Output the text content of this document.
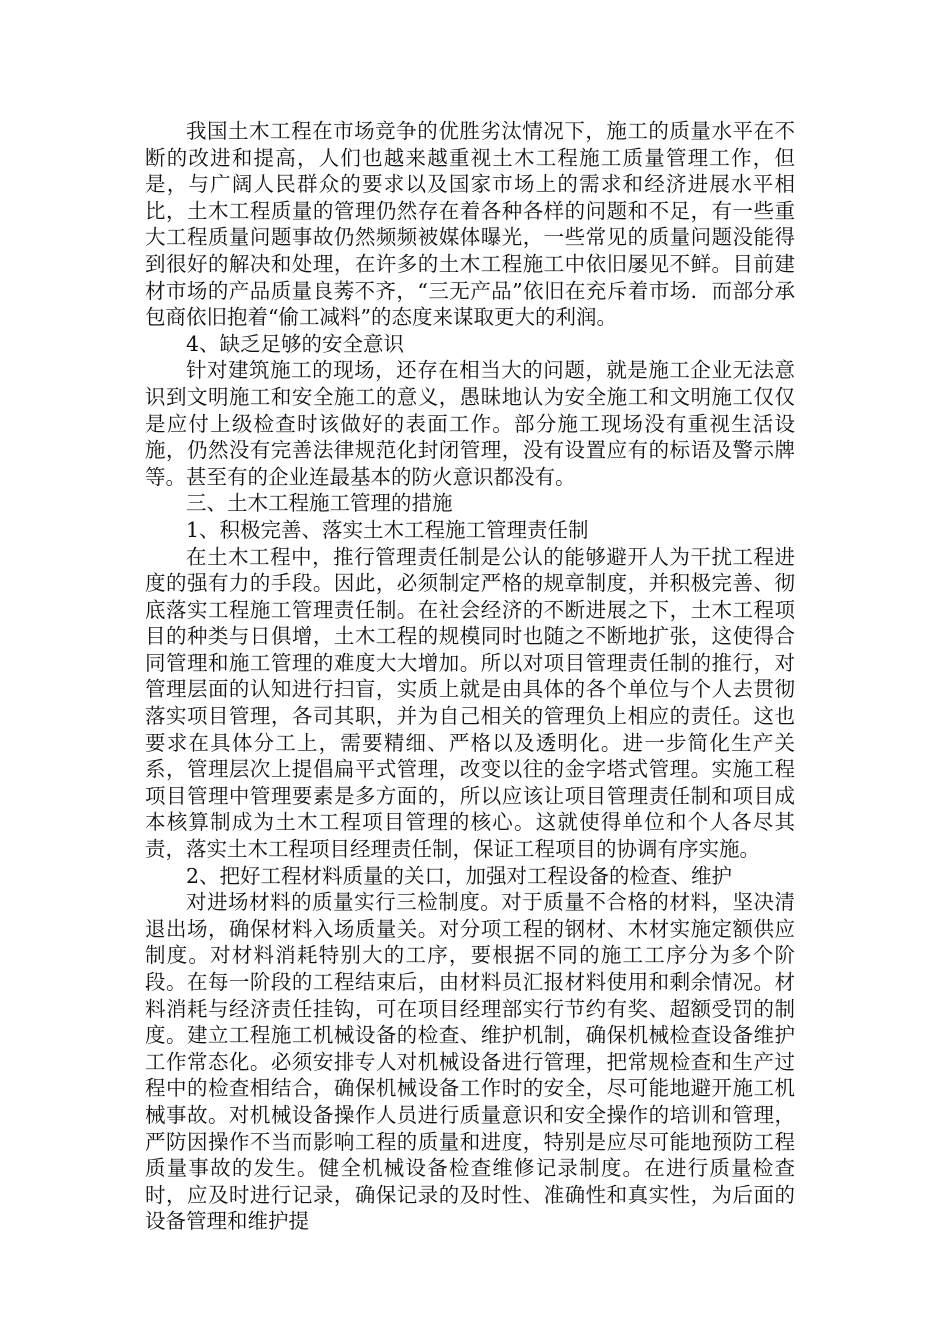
我国土木工程在市场竞争的优胜劣汰情况下，施工的质量水平在不断的改进和提高，人们也越来越重视土木工程施工质量管理工作，但是，与广阔人民群众的要求以及国家市场上的需求和经济进展水平相比，土木工程质量的管理仍然存在着各种各样的问题和不足，有一些重大工程质量问题事故仍然频频被媒体曝光，一些常见的质量问题没能得到很好的解决和处理，在许多的土木工程施工中依旧屡见不鲜。目前建材市场的产品质量良莠不齐，“三无产品”依旧在充斥着市场．而部分承包商依旧抱着“偷工减料”的态度来谋取更大的利润。

4、缺乏足够的安全意识

针对建筑施工的现场，还存在相当大的问题，就是施工企业无法意识到文明施工和安全施工的意义，愚昧地认为安全施工和文明施工仅仅是应付上级检查时该做好的表面工作。部分施工现场没有重视生活设施，仍然没有完善法律规范化封闭管理，没有设置应有的标语及警示牌等。甚至有的企业连最基本的防火意识都没有。

三、土木工程施工管理的措施

1、积极完善、落实土木工程施工管理责任制

在土木工程中，推行管理责任制是公认的能够避开人为干扰工程进度的强有力的手段。因此，必须制定严格的规章制度，并积极完善、彻底落实工程施工管理责任制。在社会经济的不断进展之下，土木工程项目的种类与日俱增，土木工程的规模同时也随之不断地扩张，这使得合同管理和施工管理的难度大大增加。所以对项目管理责任制的推行，对管理层面的认知进行扫盲，实质上就是由具体的各个单位与个人去贯彻落实项目管理，各司其职，并为自己相关的管理负上相应的责任。这也要求在具体分工上，需要精细、严格以及透明化。进一步简化生产关系，管理层次上提倡扁平式管理，改变以往的金字塔式管理。实施工程项目管理中管理要素是多方面的，所以应该让项目管理责任制和项目成本核算制成为土木工程项目管理的核心。这就使得单位和个人各尽其责，落实土木工程项目经理责任制，保证工程项目的协调有序实施。

2、把好工程材料质量的关口，加强对工程设备的检查、维护

对进场材料的质量实行三检制度。对于质量不合格的材料，坚决清退出场，确保材料入场质量关。对分项工程的钢材、木材实施定额供应制度。对材料消耗特别大的工序，要根据不同的施工工序分为多个阶段。在每一阶段的工程结束后，由材料员汇报材料使用和剩余情况。材料消耗与经济责任挂钩，可在项目经理部实行节约有奖、超额受罚的制度。建立工程施工机械设备的检查、维护机制，确保机械检查设备维护工作常态化。必须安排专人对机械设备进行管理，把常规检查和生产过程中的检查相结合，确保机械设备工作时的安全，尽可能地避开施工机械事故。对机械设备操作人员进行质量意识和安全操作的培训和管理，严防因操作不当而影响工程的质量和进度，特别是应尽可能地预防工程质量事故的发生。健全机械设备检查维修记录制度。在进行质量检查时，应及时进行记录，确保记录的及时性、准确性和真实性，为后面的设备管理和维护提
